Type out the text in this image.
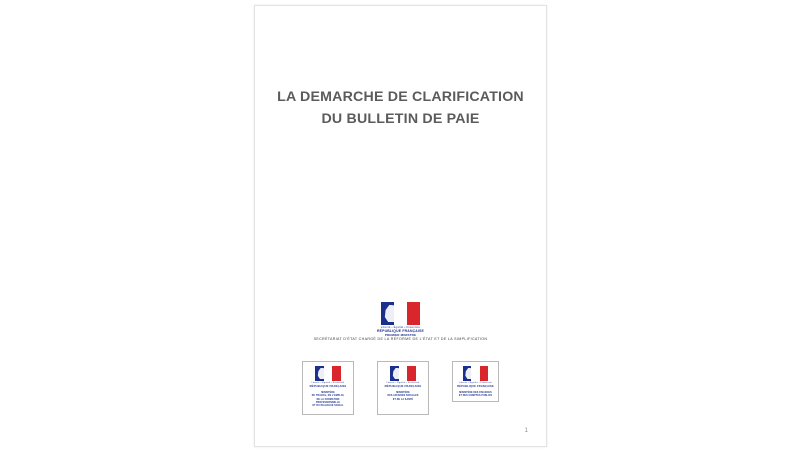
LA DEMARCHE DE CLARIFICATION
DU BULLETIN DE PAIE
Liberté • Égalité • Fraternité
RÉPUBLIQUE FRANÇAISE
PREMIER MINISTRE
SECRÉTARIAT D'ÉTAT CHARGÉ DE LA RÉFORME DE L'ÉTAT ET DE LA SIMPLIFICATION
Liberté • Égalité • Fraternité
RÉPUBLIQUE FRANÇAISE
MINISTÈRE
DU TRAVAIL, DE L'EMPLOI,
DE LA FORMATION
PROFESSIONNELLE
ET DU DIALOGUE SOCIAL
Liberté • Égalité • Fraternité
RÉPUBLIQUE FRANÇAISE
MINISTÈRE
DES AFFAIRES SOCIALES
ET DE LA SANTÉ
Liberté • Égalité • Fraternité
RÉPUBLIQUE FRANÇAISE
MINISTÈRE DES FINANCES
ET DES COMPTES PUBLICS
1
